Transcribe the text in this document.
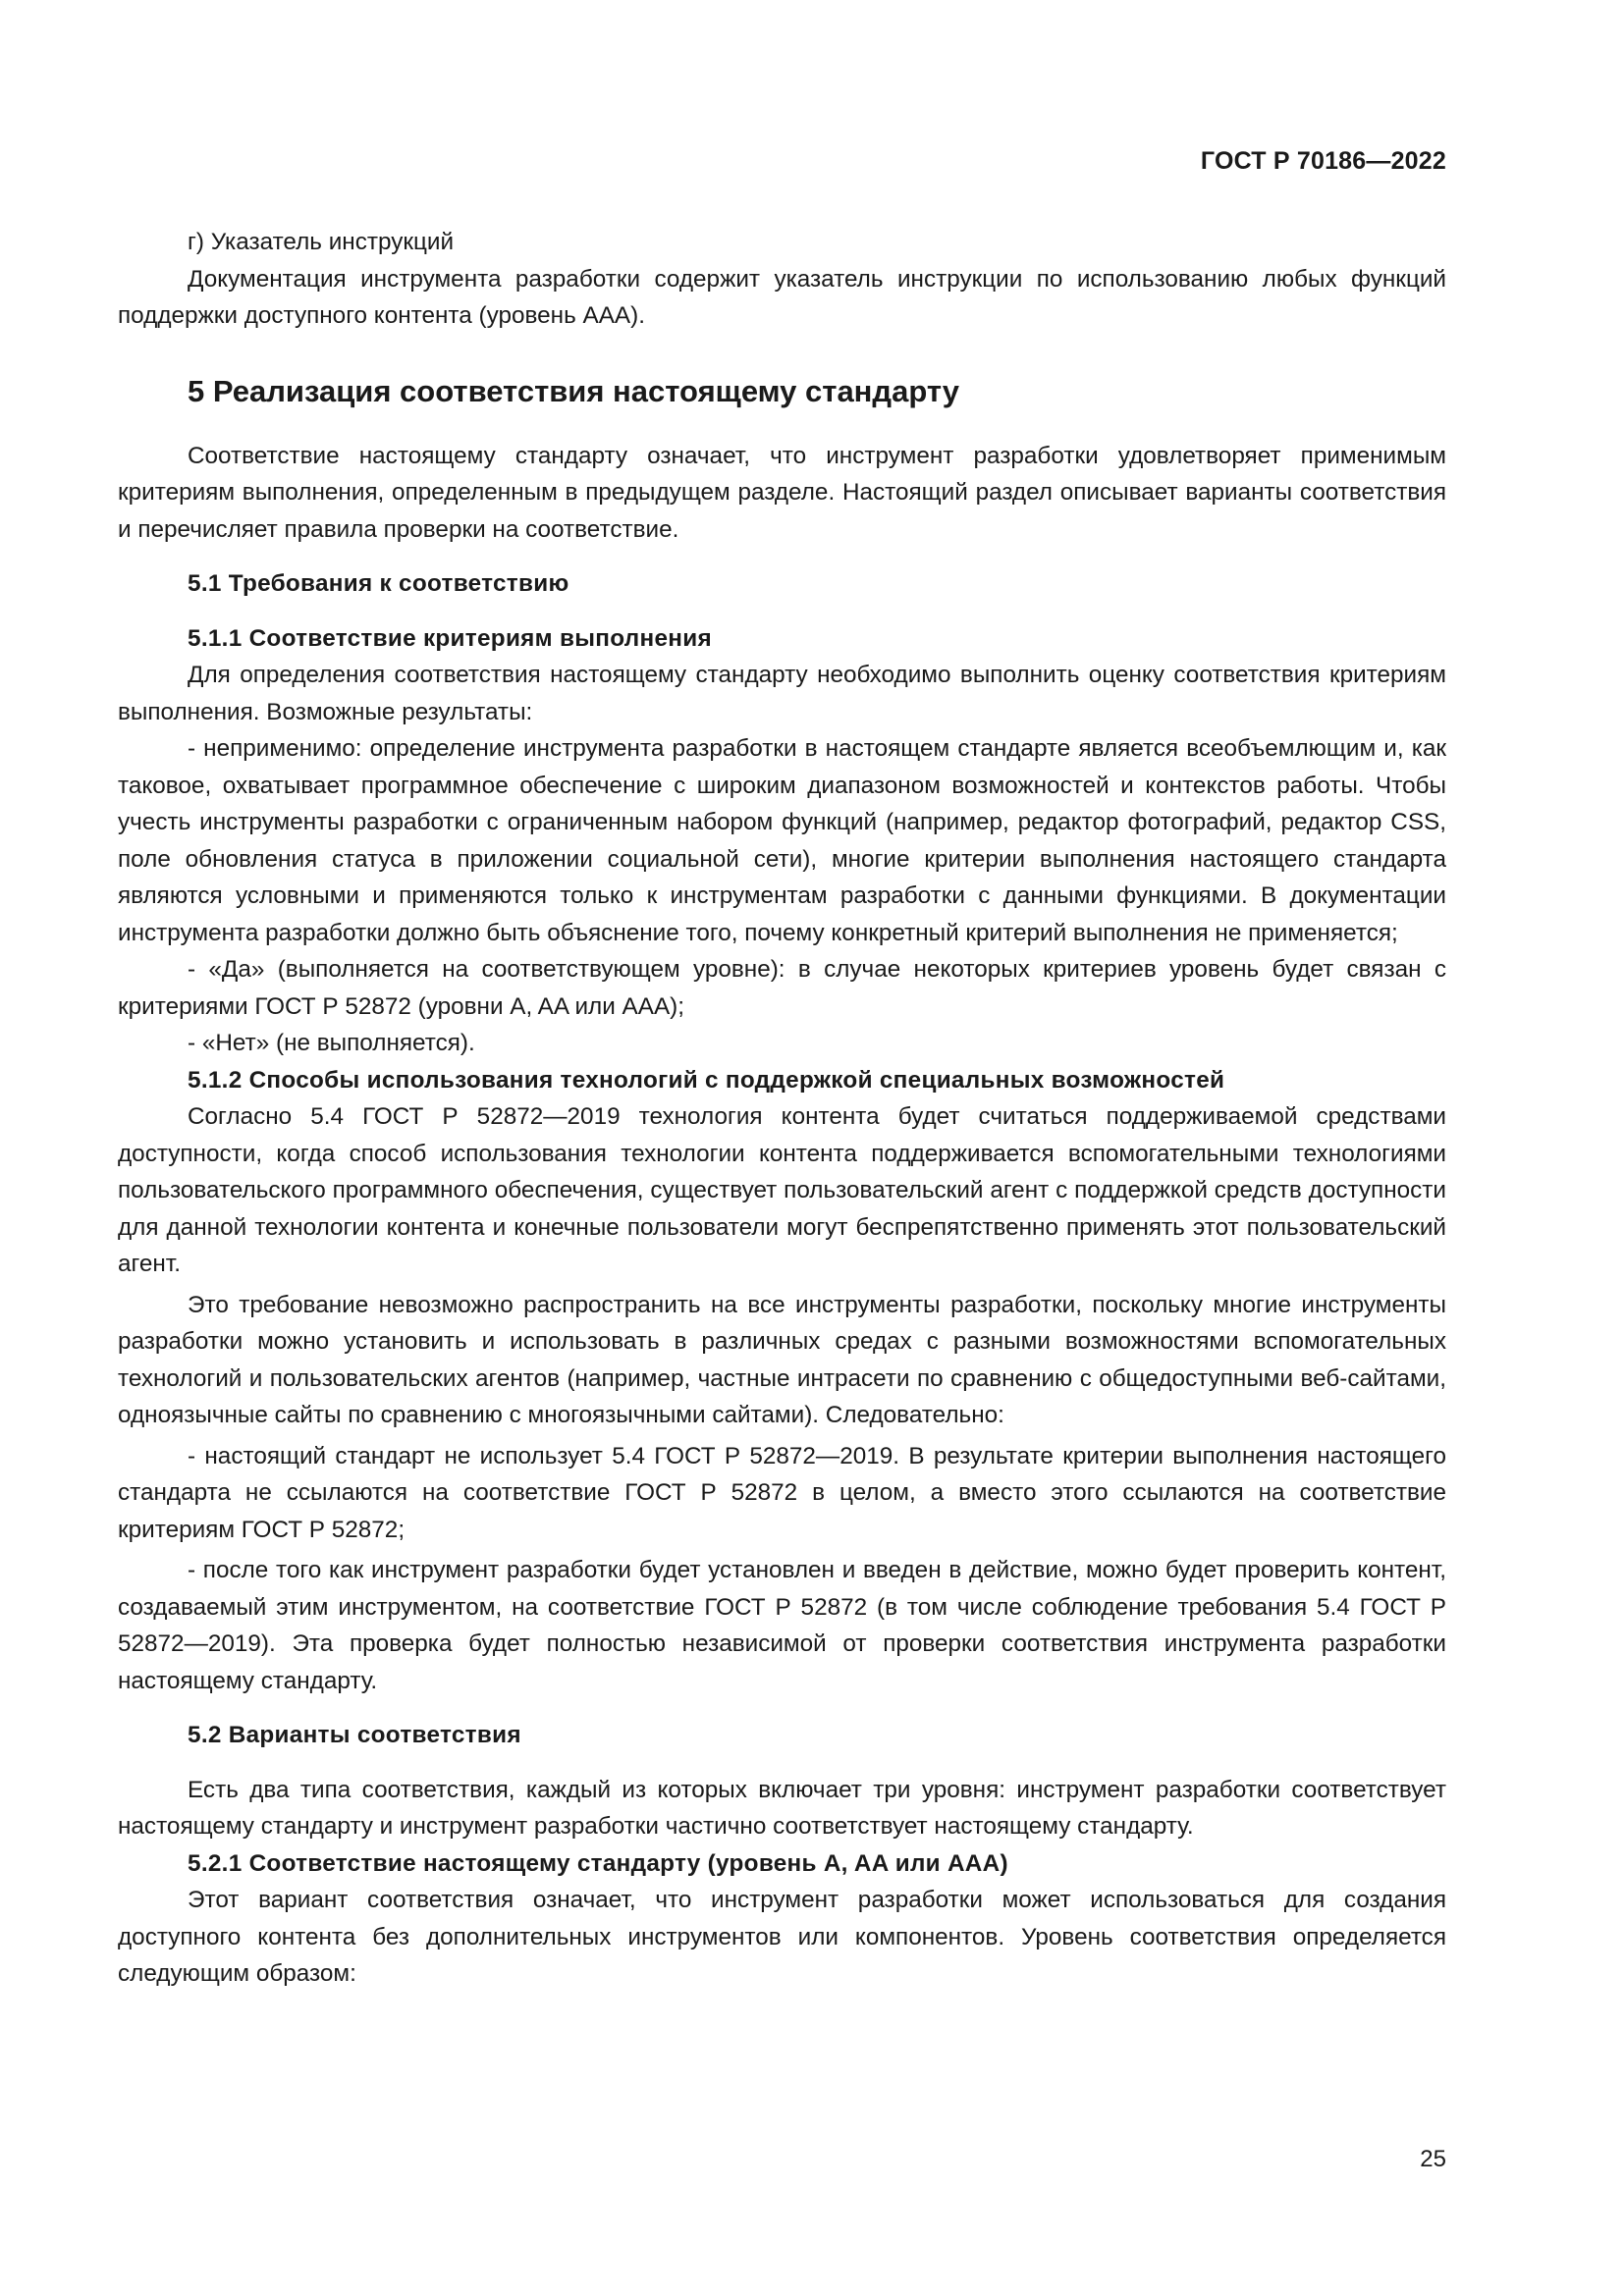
ГОСТ Р 70186—2022

г) Указатель инструкций

Документация инструмента разработки содержит указатель инструкции по использованию любых функций поддержки доступного контента (уровень AAA).

5 Реализация соответствия настоящему стандарту

Соответствие настоящему стандарту означает, что инструмент разработки удовлетворяет применимым критериям выполнения, определенным в предыдущем разделе. Настоящий раздел описывает варианты соответствия и перечисляет правила проверки на соответствие.

5.1 Требования к соответствию
5.1.1 Соответствие критериям выполнения

Для определения соответствия настоящему стандарту необходимо выполнить оценку соответствия критериям выполнения. Возможные результаты:

- неприменимо: определение инструмента разработки в настоящем стандарте является всеобъемлющим и, как таковое, охватывает программное обеспечение с широким диапазоном возможностей и контекстов работы. Чтобы учесть инструменты разработки с ограниченным набором функций (например, редактор фотографий, редактор CSS, поле обновления статуса в приложении социальной сети), многие критерии выполнения настоящего стандарта являются условными и применяются только к инструментам разработки с данными функциями. В документации инструмента разработки должно быть объяснение того, почему конкретный критерий выполнения не применяется;

- «Да» (выполняется на соответствующем уровне): в случае некоторых критериев уровень будет связан с критериями ГОСТ Р 52872 (уровни A, AA или AAA);

- «Нет» (не выполняется).

5.1.2 Способы использования технологий с поддержкой специальных возможностей

Согласно 5.4 ГОСТ Р 52872—2019 технология контента будет считаться поддерживаемой средствами доступности, когда способ использования технологии контента поддерживается вспомогательными технологиями пользовательского программного обеспечения, существует пользовательский агент с поддержкой средств доступности для данной технологии контента и конечные пользователи могут беспрепятственно применять этот пользовательский агент.

Это требование невозможно распространить на все инструменты разработки, поскольку многие инструменты разработки можно установить и использовать в различных средах с разными возможностями вспомогательных технологий и пользовательских агентов (например, частные интрасети по сравнению с общедоступными веб-сайтами, одноязычные сайты по сравнению с многоязычными сайтами). Следовательно:

- настоящий стандарт не использует 5.4 ГОСТ Р 52872—2019. В результате критерии выполнения настоящего стандарта не ссылаются на соответствие ГОСТ Р 52872 в целом, а вместо этого ссылаются на соответствие критериям ГОСТ Р 52872;

- после того как инструмент разработки будет установлен и введен в действие, можно будет проверить контент, создаваемый этим инструментом, на соответствие ГОСТ Р 52872 (в том числе соблюдение требования 5.4 ГОСТ Р 52872—2019). Эта проверка будет полностью независимой от проверки соответствия инструмента разработки настоящему стандарту.

5.2 Варианты соответствия

Есть два типа соответствия, каждый из которых включает три уровня: инструмент разработки соответствует настоящему стандарту и инструмент разработки частично соответствует настоящему стандарту.

5.2.1 Соответствие настоящему стандарту (уровень A, AA или AAA)

Этот вариант соответствия означает, что инструмент разработки может использоваться для создания доступного контента без дополнительных инструментов или компонентов. Уровень соответствия определяется следующим образом:

25
